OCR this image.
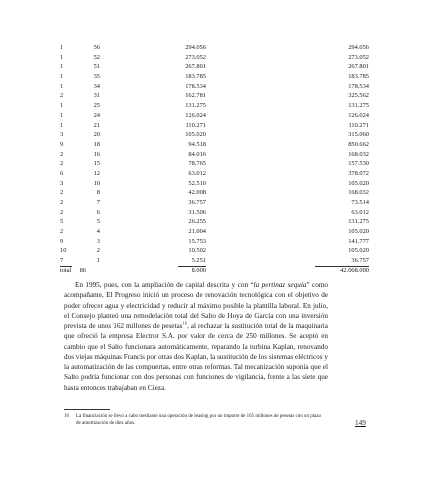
1	56	294.056	294.056
1	52	273.052	273.052
1	51	267.801	267.801
1	35	183.785	183.785
1	34	178.534	178.534
2	31	162.781	325.562
1	25	131.275	131.275
1	24	126.024	126.024
1	21	110.271	110.271
3	20	105.020	315.060
9	18	94.518	850.662
2	16	84.016	168.032
2	15	78.765	157.530
6	12	63.012	378.072
3	10	52.510	105.020
2	8	42.008	168.032
2	7	36.757	73.514
2	6	31.506	63.012
5	5	26.255	131.275
2	4	21.004	105.020
9	3	15.753	141.777
10	2	10.502	105.020
7	1	5.251	36.757
total	86	8.000	42.008.000

En 1995, pues, con la ampliación de capital descrita y con “la pertinaz sequía” como acompañante, El Progreso inició un proceso de renovación tecnológica con el objetivo de poder ofrecer agua y electricidad y reducir al máximo posible la plantilla laboral. En julio, el Consejo planteó una remodelación total del Salto de Hoya de García con una inversión prevista de unos 162 millones de pesetas$^{16}$, al rechazar la sustitución total de la maquinaria que ofreció la empresa Electror S.A. por valor de cerca de 250 millones. Se aceptó en cambio que el Salto funcionara automáticamente, reparando la turbina Kaplan, renovando dos viejas máquinas Francis por otras dos Kaplan, la sustitución de los sistemas eléctricos y la automatización de las compuertas, entre otras reformas. Tal mecanización suponía que el Salto podría funcionar con dos personas con funciones de vigilancia, frente a las siete que hasta entonces trabajaban en Cieza.

16	La financiación se llevó a cabo mediante una operación de leasing por un importe de 165 millones de pesetas con un plazo de amortización de diez años.	149
